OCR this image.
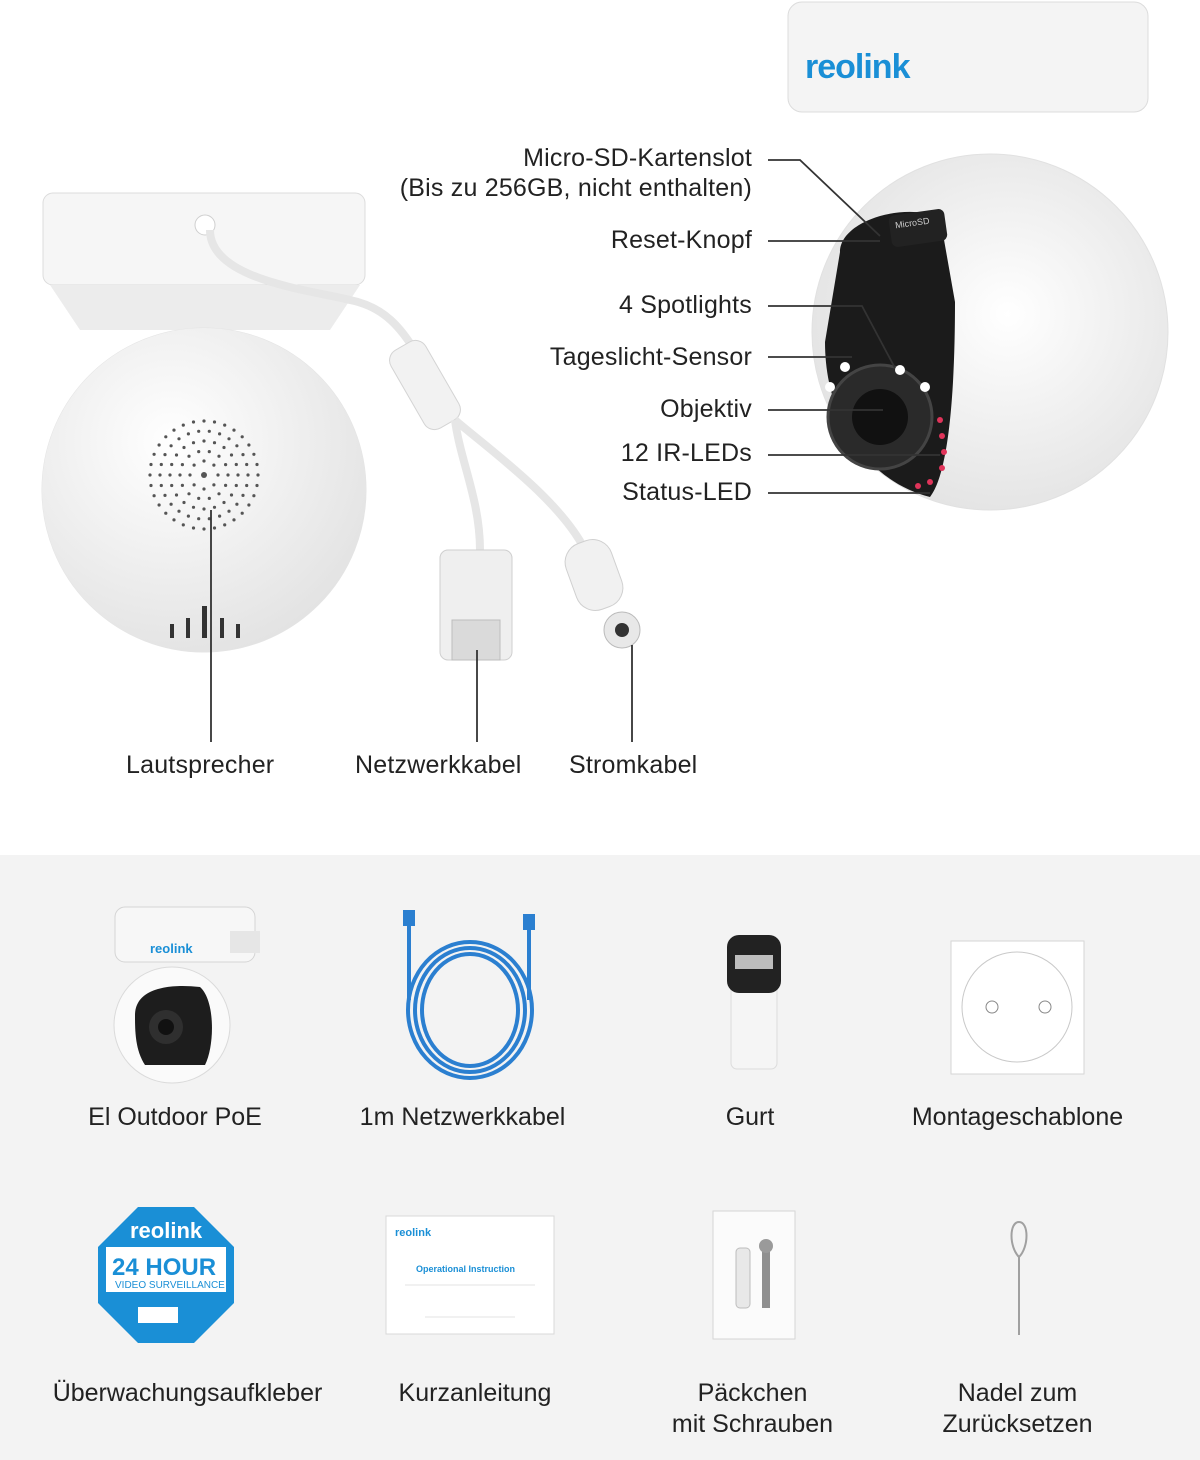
reolink
MicroSD
Micro-SD-Kartenslot
(Bis zu 256GB, nicht enthalten)
Reset-Knopf
4 Spotlights
Tageslicht-Sensor
Objektiv
12 IR-LEDs
Status-LED
Lautsprecher	Netzwerkkabel Stromkabel
reolink
El Outdoor PoE	1m Netzwerkkabel	Gurt	Montageschablone
reolink
24 HOUR
VIDEO SURVEILLANCE
reolink
Operational Instruction
Überwachungsaufkleber	Kurzanleitung	Päckchen
mit Schrauben
Nadel zum
Zurücksetzen
